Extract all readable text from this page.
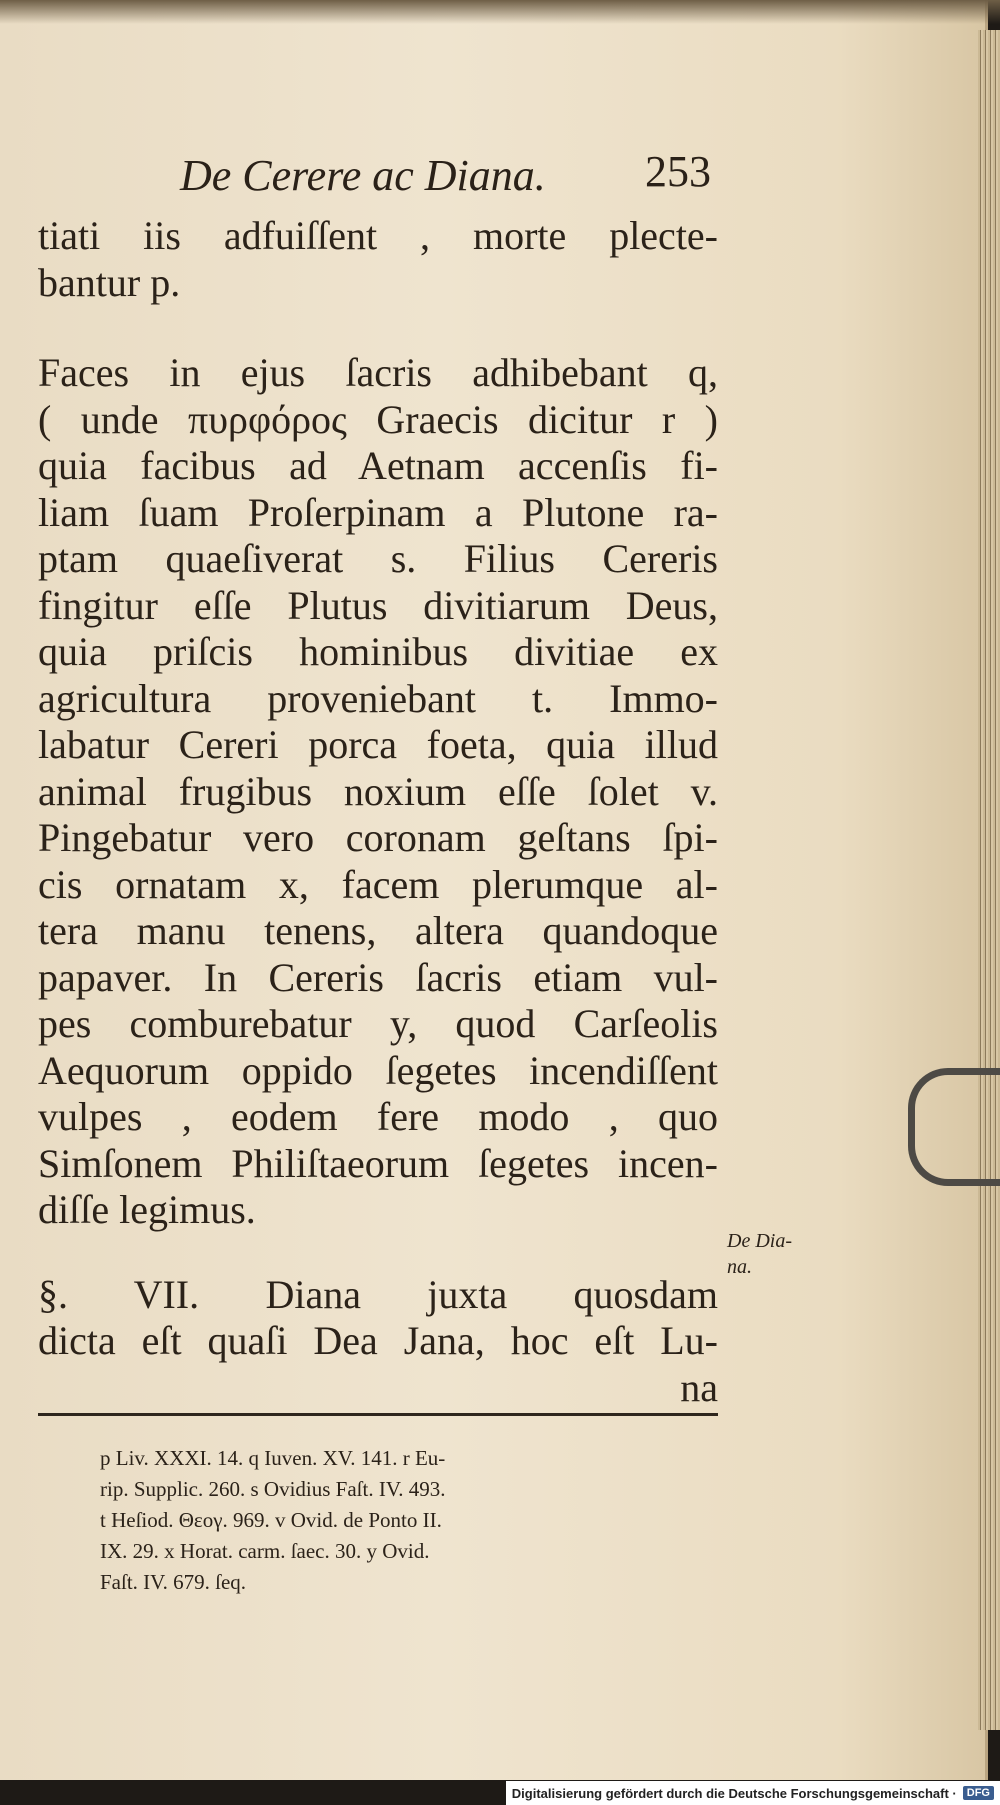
De Cerere ac Diana. 253
tiati iis adfuiſſent , morte plecte-
bantur p.
Faces in ejus ſacris adhibebant q,
( unde πυρφόρος Graecis dicitur r )
quia facibus ad Aetnam accenſis fi-
liam ſuam Proſerpinam a Plutone ra-
ptam quaeſiverat s. Filius Cereris
fingitur eſſe Plutus divitiarum Deus,
quia priſcis hominibus divitiae ex
agricultura proveniebant t. Immo-
labatur Cereri porca foeta, quia illud
animal frugibus noxium eſſe ſolet v.
Pingebatur vero coronam geſtans ſpi-
cis ornatam x, facem plerumque al-
tera manu tenens, altera quandoque
papaver. In Cereris ſacris etiam vul-
pes comburebatur y, quod Carſeolis
Aequorum oppido ſegetes incendiſſent
vulpes , eodem fere modo , quo
Simſonem Philiſtaeorum ſegetes incen-
diſſe legimus.
§. VII. Diana juxta quosdam
dicta eſt quaſi Dea Jana, hoc eſt Lu-
na
De Dia-
na.
p Liv. XXXI. 14. q Iuven. XV. 141. r Eu-
rip. Supplic. 260. s Ovidius Faſt. IV. 493.
t Heſiod. Θεογ. 969. v Ovid. de Ponto II.
IX. 29. x Horat. carm. ſaec. 30. y Ovid.
Faſt. IV. 679. ſeq.
Digitalisierung gefördert durch die Deutsche Forschungsgemeinschaft · DFG
